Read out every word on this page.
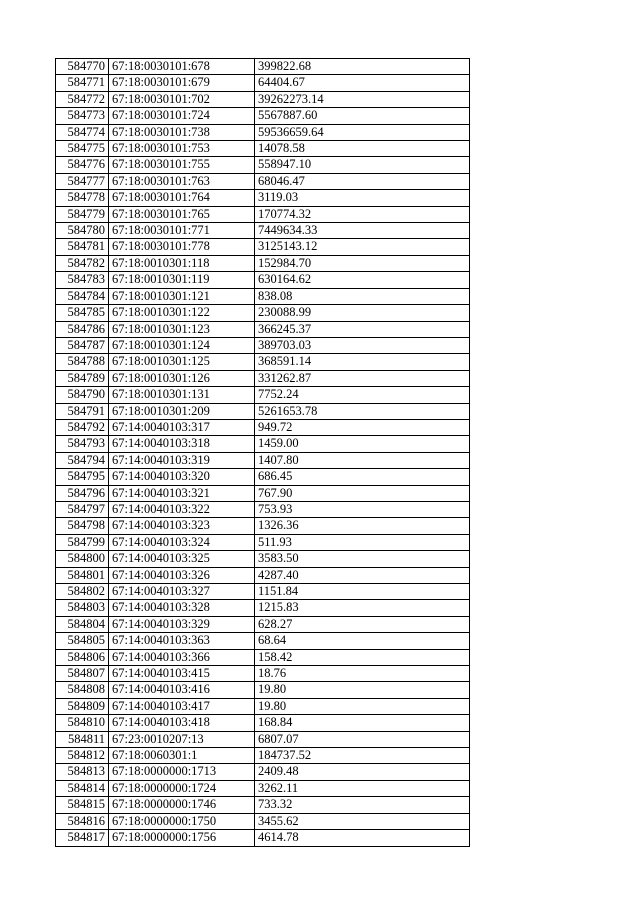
584770	67:18:0030101:678	399822.68
584771	67:18:0030101:679	64404.67
584772	67:18:0030101:702	39262273.14
584773	67:18:0030101:724	5567887.60
584774	67:18:0030101:738	59536659.64
584775	67:18:0030101:753	14078.58
584776	67:18:0030101:755	558947.10
584777	67:18:0030101:763	68046.47
584778	67:18:0030101:764	3119.03
584779	67:18:0030101:765	170774.32
584780	67:18:0030101:771	7449634.33
584781	67:18:0030101:778	3125143.12
584782	67:18:0010301:118	152984.70
584783	67:18:0010301:119	630164.62
584784	67:18:0010301:121	838.08
584785	67:18:0010301:122	230088.99
584786	67:18:0010301:123	366245.37
584787	67:18:0010301:124	389703.03
584788	67:18:0010301:125	368591.14
584789	67:18:0010301:126	331262.87
584790	67:18:0010301:131	7752.24
584791	67:18:0010301:209	5261653.78
584792	67:14:0040103:317	949.72
584793	67:14:0040103:318	1459.00
584794	67:14:0040103:319	1407.80
584795	67:14:0040103:320	686.45
584796	67:14:0040103:321	767.90
584797	67:14:0040103:322	753.93
584798	67:14:0040103:323	1326.36
584799	67:14:0040103:324	511.93
584800	67:14:0040103:325	3583.50
584801	67:14:0040103:326	4287.40
584802	67:14:0040103:327	1151.84
584803	67:14:0040103:328	1215.83
584804	67:14:0040103:329	628.27
584805	67:14:0040103:363	68.64
584806	67:14:0040103:366	158.42
584807	67:14:0040103:415	18.76
584808	67:14:0040103:416	19.80
584809	67:14:0040103:417	19.80
584810	67:14:0040103:418	168.84
584811	67:23:0010207:13	6807.07
584812	67:18:0060301:1	184737.52
584813	67:18:0000000:1713	2409.48
584814	67:18:0000000:1724	3262.11
584815	67:18:0000000:1746	733.32
584816	67:18:0000000:1750	3455.62
584817	67:18:0000000:1756	4614.78
